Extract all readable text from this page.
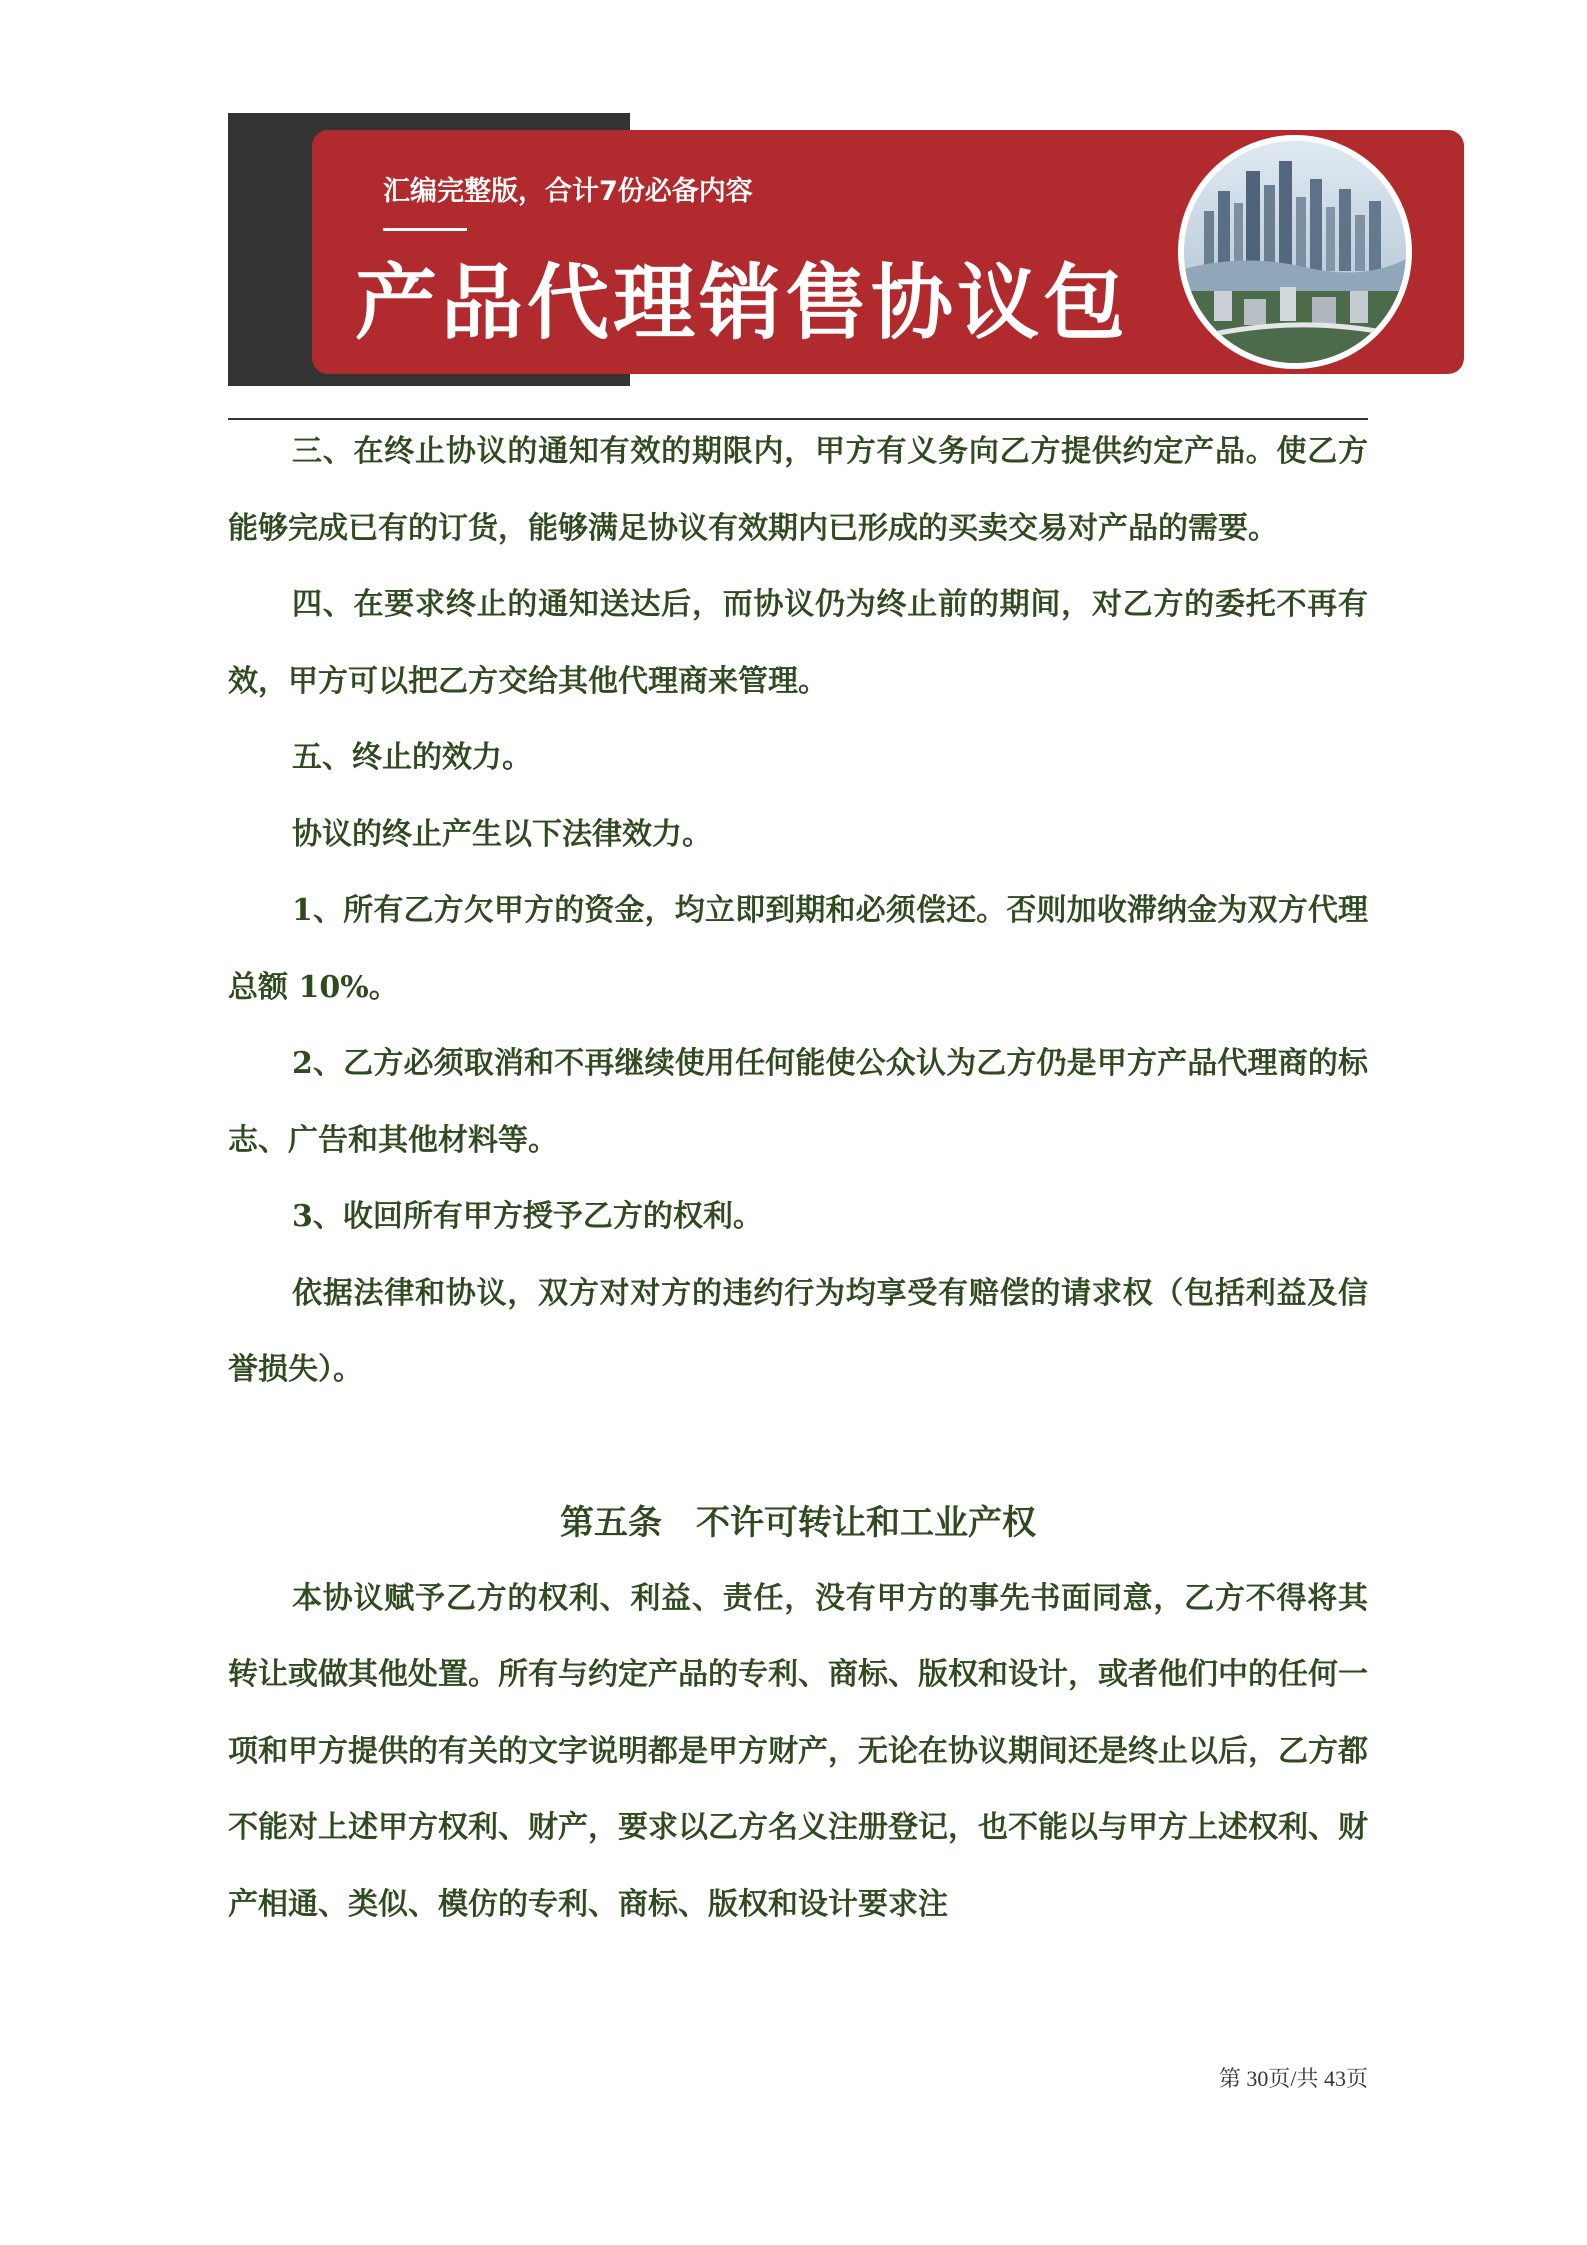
汇编完整版，合计7份必备内容
产品代理销售协议包

三、在终止协议的通知有效的期限内，甲方有义务向乙方提供约定产品。使乙方能够完成已有的订货，能够满足协议有效期内已形成的买卖交易对产品的需要。

四、在要求终止的通知送达后，而协议仍为终止前的期间，对乙方的委托不再有效，甲方可以把乙方交给其他代理商来管理。

五、终止的效力。

协议的终止产生以下法律效力。

1、所有乙方欠甲方的资金，均立即到期和必须偿还。否则加收滞纳金为双方代理总额 10%。

2、乙方必须取消和不再继续使用任何能使公众认为乙方仍是甲方产品代理商的标志、广告和其他材料等。

3、收回所有甲方授予乙方的权利。

依据法律和协议，双方对对方的违约行为均享受有赔偿的请求权（包括利益及信誉损失）。

第五条　不许可转让和工业产权

本协议赋予乙方的权利、利益、责任，没有甲方的事先书面同意，乙方不得将其转让或做其他处置。所有与约定产品的专利、商标、版权和设计，或者他们中的任何一项和甲方提供的有关的文字说明都是甲方财产，无论在协议期间还是终止以后，乙方都不能对上述甲方权利、财产，要求以乙方名义注册登记，也不能以与甲方上述权利、财产相通、类似、模仿的专利、商标、版权和设计要求注

第 30页/共 43页
